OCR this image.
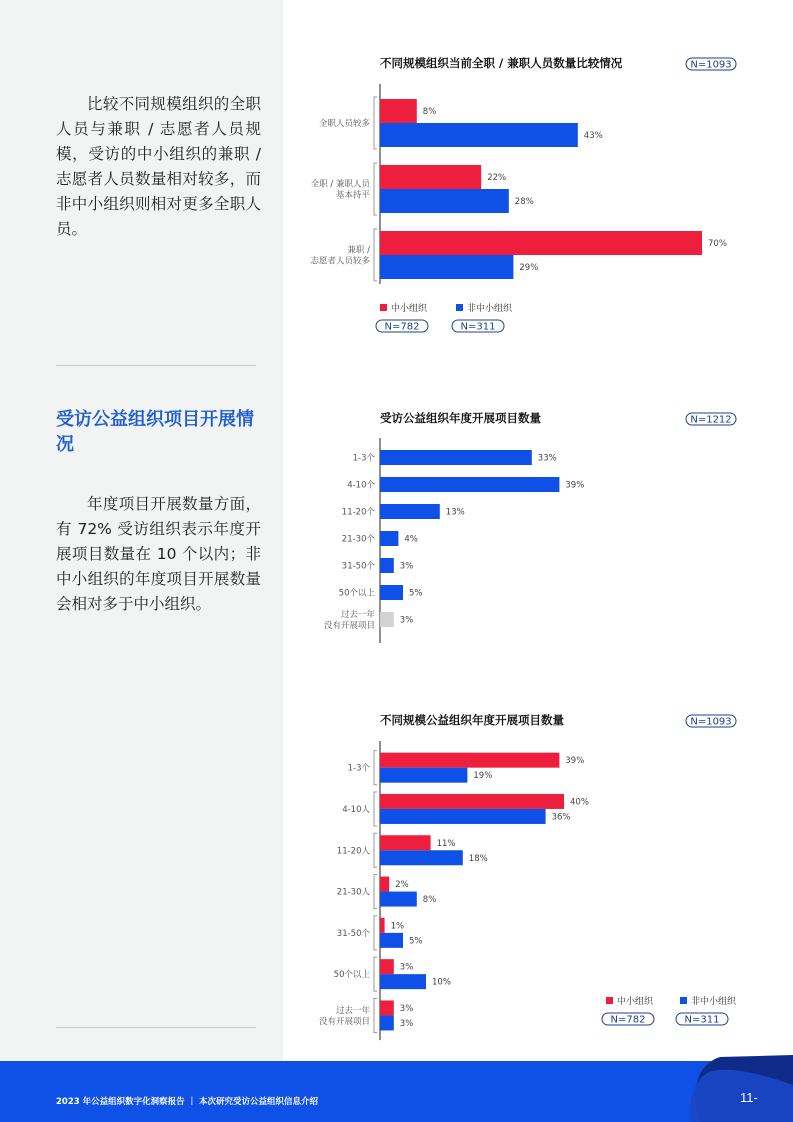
比较不同规模组织的全职人员与兼职 / 志愿者人员规模，受访的中小组织的兼职 / 志愿者人员数量相对较多，而非中小组织则相对更多全职人员。

受访公益组织项目开展情况

年度项目开展数量方面，有 72% 受访组织表示年度开展项目数量在 10 个以内；非中小组织的年度项目开展数量会相对多于中小组织。

不同规模组织当前全职 / 兼职人员数量比较情况	N=1093
全职人员较多
8%
43%
全职 / 兼职人员
基本持平
22%
28%
兼职 /
志愿者人员较多
70%
29%
中小组织
N=782
非中小组织
N=311
受访公益组织年度开展项目数量	N=1212
1-3个	33%
4-10个	39%
11-20个	13%
21-30个	4%
31-50个	3%
50个以上	5%
过去一年
没有开展项目
3%
不同规模公益组织年度开展项目数量	N=1093
1-3个
39%
19%
4-10人
40%
36%
11-20人
11%
18%
21-30人
2%
8%
31-50个
1%
5%
50个以上
3%
10%
过去一年
没有开展项目
3%
3%
中小组织
N=782
非中小组织
N=311
2023 年公益组织数字化洞察报告 ｜ 本次研究受访公益组织信息介绍	11-
